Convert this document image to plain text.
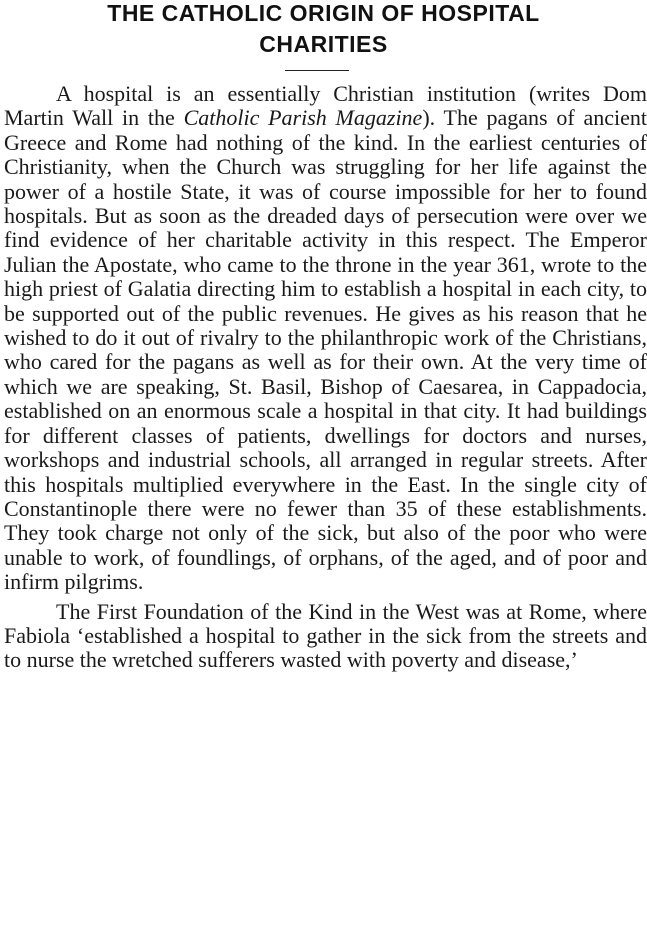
THE CATHOLIC ORIGIN OF HOSPITAL
CHARITIES

A hospital is an essentially Christian institution (writes Dom Martin Wall in the Catholic Parish Magazine). The pagans of ancient Greece and Rome had nothing of the kind. In the earliest centuries of Christianity, when the Church was struggling for her life against the power of a hostile State, it was of course impossible for her to found hospitals. But as soon as the dreaded days of persecution were over we find evidence of her charitable activity in this respect. The Emperor Julian the Apostate, who came to the throne in the year 361, wrote to the high priest of Galatia directing him to establish a hospital in each city, to be supported out of the public revenues. He gives as his reason that he wished to do it out of rivalry to the philanthropic work of the Christians, who cared for the pagans as well as for their own. At the very time of which we are speaking, St. Basil, Bishop of Caesarea, in Cappadocia, established on an enormous scale a hospital in that city. It had buildings for different classes of patients, dwellings for doctors and nurses, workshops and industrial schools, all arranged in regular streets. After this hospitals multiplied everywhere in the East. In the single city of Constantinople there were no fewer than 35 of these establishments. They took charge not only of the sick, but also of the poor who were unable to work, of foundlings, of orphans, of the aged, and of poor and infirm pilgrims.

The First Foundation of the Kind in the West was at Rome, where Fabiola ‘established a hospital to gather in the sick from the streets and to nurse the wretched sufferers wasted with poverty and disease,’
